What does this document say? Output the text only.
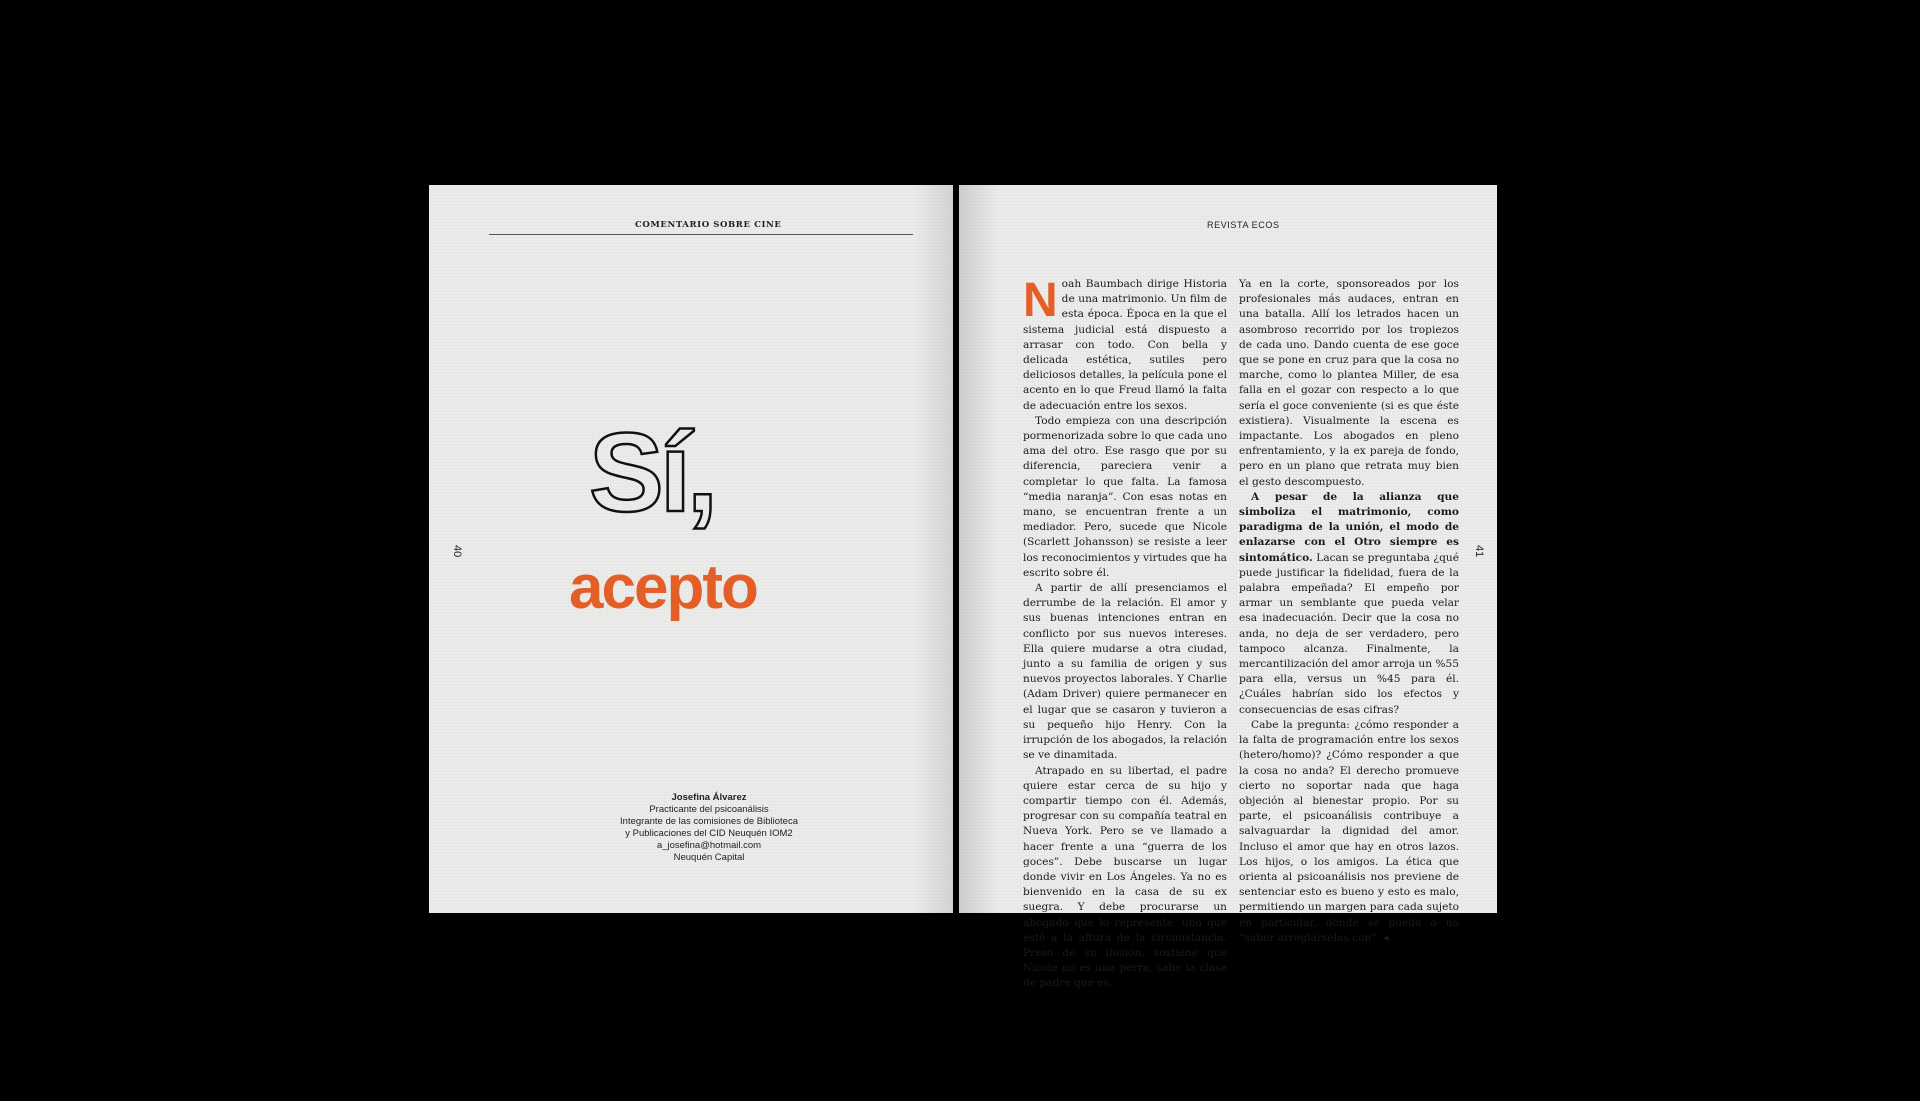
COMENTARIO SOBRE CINE
40
Sí,
acepto
Josefina Álvarez
Practicante del psicoanálisis
Integrante de las comisiones de Biblioteca
y Publicaciones del CID Neuquén IOM2
a_josefina@hotmail.com
Neuquén Capital
REVISTA ECOS
41

Noah Baumbach dirige Historia de una matrimonio. Un film de esta época. Época en la que el sistema judicial está dispuesto a arrasar con todo. Con bella y delicada estética, sutiles pero deliciosos detalles, la película pone el acento en lo que Freud llamó la falta de adecuación entre los sexos.

Todo empieza con una descripción pormenorizada sobre lo que cada uno ama del otro. Ese rasgo que por su diferencia, pareciera venir a completar lo que falta. La famosa “media naranja”. Con esas notas en mano, se encuentran frente a un mediador. Pero, sucede que Nicole (Scarlett Johansson) se resiste a leer los reconocimientos y virtudes que ha escrito sobre él.

A partir de allí presenciamos el derrumbe de la relación. El amor y sus buenas intenciones entran en conflicto por sus nuevos intereses. Ella quiere mudarse a otra ciudad, junto a su familia de origen y sus nuevos proyectos laborales. Y Charlie (Adam Driver) quiere permanecer en el lugar que se casaron y tuvieron a su pequeño hijo Henry. Con la irrupción de los abogados, la relación se ve dinamitada.

Atrapado en su libertad, el padre quiere estar cerca de su hijo y compartir tiempo con él. Además, progresar con su compañía teatral en Nueva York. Pero se ve llamado a hacer frente a una “guerra de los goces”. Debe buscarse un lugar donde vivir en Los Ángeles. Ya no es bienvenido en la casa de su ex suegra. Y debe procurarse un abogado que lo represente, uno que esté a la altura de la circunstancia. Preso de su ilusión, sostiene que Nicole no es una perra, sabe la clase de padre que es.

Ya en la corte, sponsoreados por los profesionales más audaces, entran en una batalla. Allí los letrados hacen un asombroso recorrido por los tropiezos de cada uno. Dando cuenta de ese goce que se pone en cruz para que la cosa no marche, como lo plantea Miller, de esa falla en el gozar con respecto a lo que sería el goce conveniente (si es que éste existiera). Visualmente la escena es impactante. Los abogados en pleno enfrentamiento, y la ex pareja de fondo, pero en un plano que retrata muy bien el gesto descompuesto.

A pesar de la alianza que simboliza el matrimonio, como paradigma de la unión, el modo de enlazarse con el Otro siempre es sintomático. Lacan se preguntaba ¿qué puede justificar la fidelidad, fuera de la palabra empeñada? El empeño por armar un semblante que pueda velar esa inadecuación. Decir que la cosa no anda, no deja de ser verdadero, pero tampoco alcanza. Finalmente, la mercantilización del amor arroja un %55 para ella, versus un %45 para él. ¿Cuáles habrían sido los efectos y consecuencias de esas cifras?

Cabe la pregunta: ¿cómo responder a la falta de programación entre los sexos (hetero/homo)? ¿Cómo responder a que la cosa no anda? El derecho promueve cierto no soportar nada que haga objeción al bienestar propio. Por su parte, el psicoanálisis contribuye a salvaguardar la dignidad del amor. Incluso el amor que hay en otros lazos. Los hijos, o los amigos. La ética que orienta al psicoanálisis nos previene de sentenciar esto es bueno y esto es malo, permitiendo un margen para cada sujeto en particular, donde se pueda o no “saber arreglárselas con”. ◂
